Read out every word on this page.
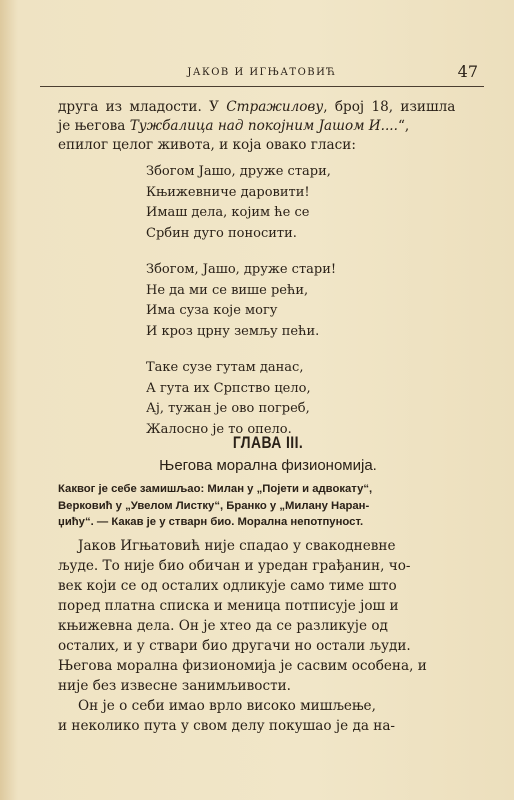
ЈАКОВ И ИГЊАТОВИЋ	47

друга из младости. У Стражилову, број 18, изишла
је његова Тужбалица над покојним Јашом И....“,
епилог целог живота, и која овако гласи:

Збогом Јашо, друже стари,
Књижевниче даровити!
Имаш дела, којим ће се
Србин дуго поносити.
Збогом, Јашо, друже стари!
Не да ми се више рећи,
Има суза које могу
И кроз црну земљу пећи.
Таке сузе гутам данас,
А гута их Српство цело,
Ај, тужан је ово погреб,
Жалосно је то опело.
ГЛАВА III.
Његова морална физиономија.
Каквог је себе замишљао: Милан у „Појети и адвокату“,
Верковић у „Увелом Листку“, Бранко у „Милану Наран-
џићу“. — Какав је у стварн био. Морална непотпуност.
Јаков Игњатовић није спадао у свакодневне
људе. То није био обичан и уредан грађанин, чо-
век који се од осталих одликује само тиме што
поред платна списка и меница потписује још и
књижевна дела. Он је хтео да се разликује од
осталих, и у ствари био другачи но остали људи.
Његова морална физиономија је сасвим особена, и
није без извесне занимљивости.
Он је о себи имао врло високо мишљење,
и неколико пута у свом делу покушао је да на-
